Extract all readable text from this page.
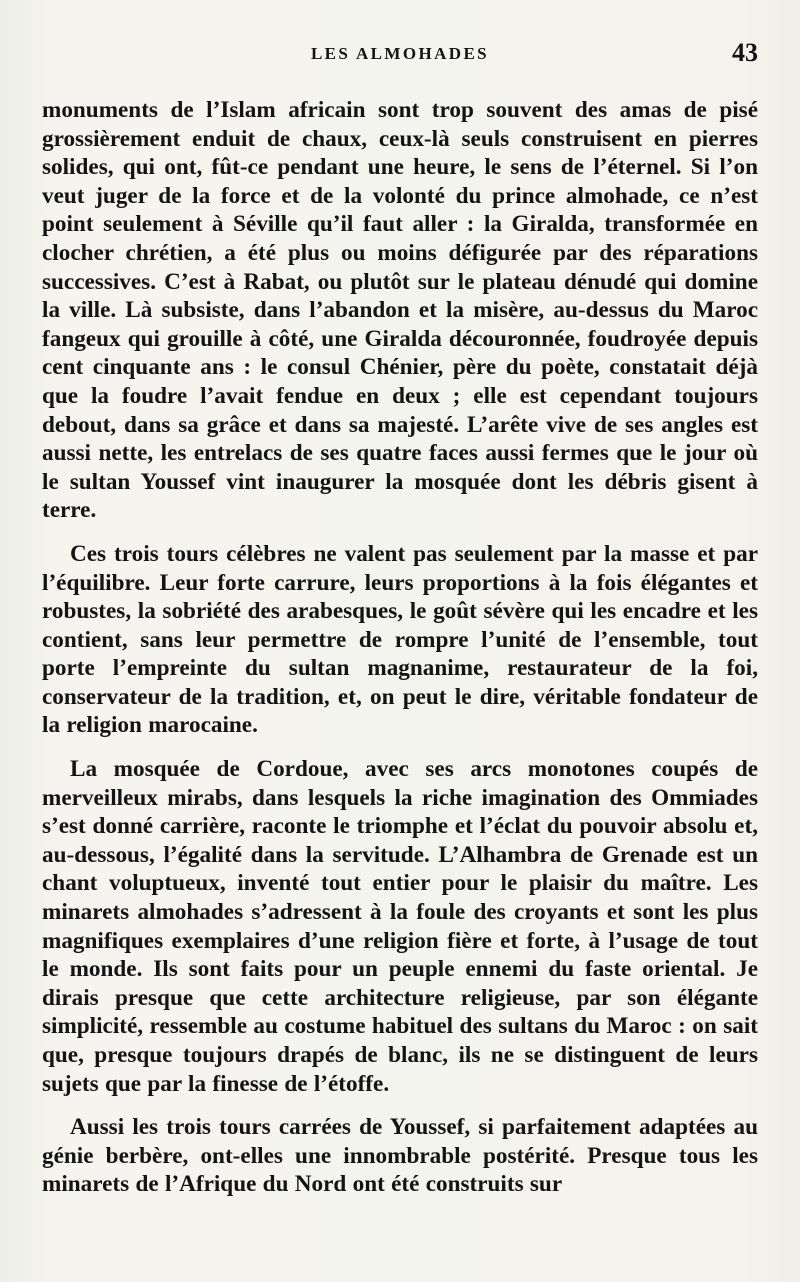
LES ALMOHADES	43

monuments de l’Islam africain sont trop souvent des amas de pisé grossièrement enduit de chaux, ceux-là seuls construisent en pierres solides, qui ont, fût-ce pendant une heure, le sens de l’éternel. Si l’on veut juger de la force et de la volonté du prince almohade, ce n’est point seulement à Séville qu’il faut aller : la Giralda, transformée en clocher chrétien, a été plus ou moins défigurée par des réparations successives. C’est à Rabat, ou plutôt sur le plateau dénudé qui domine la ville. Là subsiste, dans l’abandon et la misère, au-dessus du Maroc fangeux qui grouille à côté, une Giralda découronnée, foudroyée depuis cent cinquante ans : le consul Chénier, père du poète, constatait déjà que la foudre l’avait fendue en deux ; elle est cependant toujours debout, dans sa grâce et dans sa majesté. L’arête vive de ses angles est aussi nette, les entrelacs de ses quatre faces aussi fermes que le jour où le sultan Youssef vint inaugurer la mosquée dont les débris gisent à terre.

Ces trois tours célèbres ne valent pas seulement par la masse et par l’équilibre. Leur forte carrure, leurs proportions à la fois élégantes et robustes, la sobriété des arabesques, le goût sévère qui les encadre et les contient, sans leur permettre de rompre l’unité de l’ensemble, tout porte l’empreinte du sultan magnanime, restaurateur de la foi, conservateur de la tradition, et, on peut le dire, véritable fondateur de la religion marocaine.

La mosquée de Cordoue, avec ses arcs monotones coupés de merveilleux mirabs, dans lesquels la riche imagination des Ommiades s’est donné carrière, raconte le triomphe et l’éclat du pouvoir absolu et, au-dessous, l’égalité dans la servitude. L’Alhambra de Grenade est un chant voluptueux, inventé tout entier pour le plaisir du maître. Les minarets almohades s’adressent à la foule des croyants et sont les plus magnifiques exemplaires d’une religion fière et forte, à l’usage de tout le monde. Ils sont faits pour un peuple ennemi du faste oriental. Je dirais presque que cette architecture religieuse, par son élégante simplicité, ressemble au costume habituel des sultans du Maroc : on sait que, presque toujours drapés de blanc, ils ne se distinguent de leurs sujets que par la finesse de l’étoffe.

Aussi les trois tours carrées de Youssef, si parfaitement adaptées au génie berbère, ont-elles une innombrable postérité. Presque tous les minarets de l’Afrique du Nord ont été construits sur
